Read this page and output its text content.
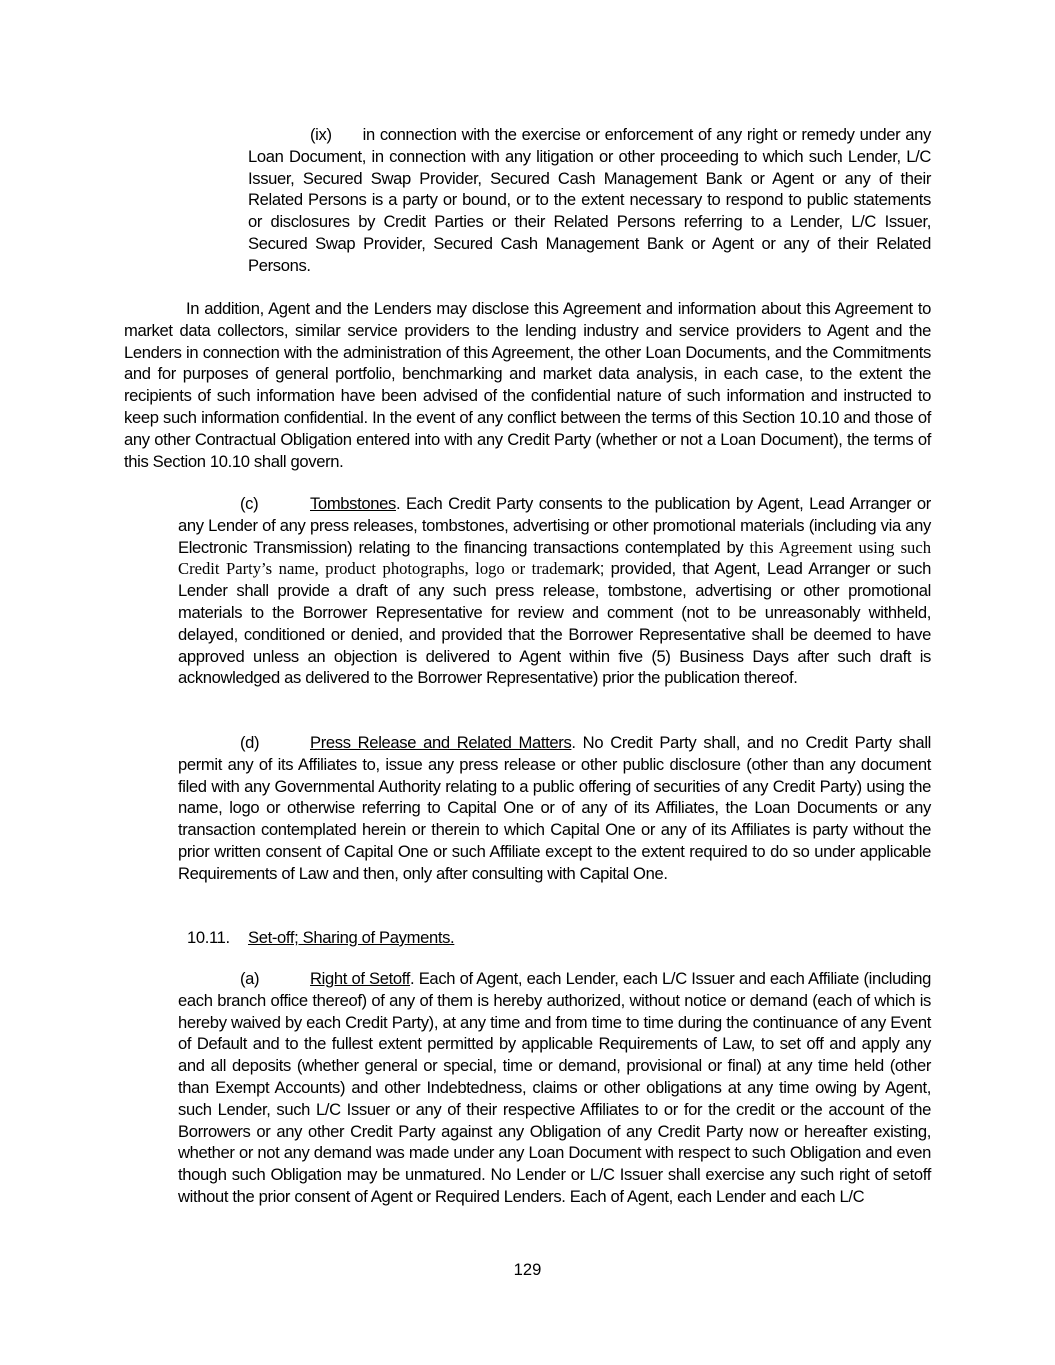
(ix) in connection with the exercise or enforcement of any right or remedy under any Loan Document, in connection with any litigation or other proceeding to which such Lender, L/C Issuer, Secured Swap Provider, Secured Cash Management Bank or Agent or any of their Related Persons is a party or bound, or to the extent necessary to respond to public statements or disclosures by Credit Parties or their Related Persons referring to a Lender, L/C Issuer, Secured Swap Provider, Secured Cash Management Bank or Agent or any of their Related Persons.

In addition, Agent and the Lenders may disclose this Agreement and information about this Agreement to market data collectors, similar service providers to the lending industry and service providers to Agent and the Lenders in connection with the administration of this Agreement, the other Loan Documents, and the Commitments and for purposes of general portfolio, benchmarking and market data analysis, in each case, to the extent the recipients of such information have been advised of the confidential nature of such information and instructed to keep such information confidential. In the event of any conflict between the terms of this Section 10.10 and those of any other Contractual Obligation entered into with any Credit Party (whether or not a Loan Document), the terms of this Section 10.10 shall govern.

(c)	Tombstones. Each Credit Party consents to the publication by Agent, Lead Arranger or any Lender of any press releases, tombstones, advertising or other promotional materials (including via any Electronic Transmission) relating to the financing transactions contemplated by this Agreement using such Credit Party’s name, product photographs, logo or trademark; provided, that Agent, Lead Arranger or such Lender shall provide a draft of any such press release, tombstone, advertising or other promotional materials to the Borrower Representative for review and comment (not to be unreasonably withheld, delayed, conditioned or denied, and provided that the Borrower Representative shall be deemed to have approved unless an objection is delivered to Agent within five (5) Business Days after such draft is acknowledged as delivered to the Borrower Representative) prior the publication thereof.

(d)	Press Release and Related Matters. No Credit Party shall, and no Credit Party shall permit any of its Affiliates to, issue any press release or other public disclosure (other than any document filed with any Governmental Authority relating to a public offering of securities of any Credit Party) using the name, logo or otherwise referring to Capital One or of any of its Affiliates, the Loan Documents or any transaction contemplated herein or therein to which Capital One or any of its Affiliates is party without the prior written consent of Capital One or such Affiliate except to the extent required to do so under applicable Requirements of Law and then, only after consulting with Capital One.

10.11. Set-off; Sharing of Payments.

(a)	Right of Setoff. Each of Agent, each Lender, each L/C Issuer and each Affiliate (including each branch office thereof) of any of them is hereby authorized, without notice or demand (each of which is hereby waived by each Credit Party), at any time and from time to time during the continuance of any Event of Default and to the fullest extent permitted by applicable Requirements of Law, to set off and apply any and all deposits (whether general or special, time or demand, provisional or final) at any time held (other than Exempt Accounts) and other Indebtedness, claims or other obligations at any time owing by Agent, such Lender, such L/C Issuer or any of their respective Affiliates to or for the credit or the account of the Borrowers or any other Credit Party against any Obligation of any Credit Party now or hereafter existing, whether or not any demand was made under any Loan Document with respect to such Obligation and even though such Obligation may be unmatured. No Lender or L/C Issuer shall exercise any such right of setoff without the prior consent of Agent or Required Lenders. Each of Agent, each Lender and each L/C

129
